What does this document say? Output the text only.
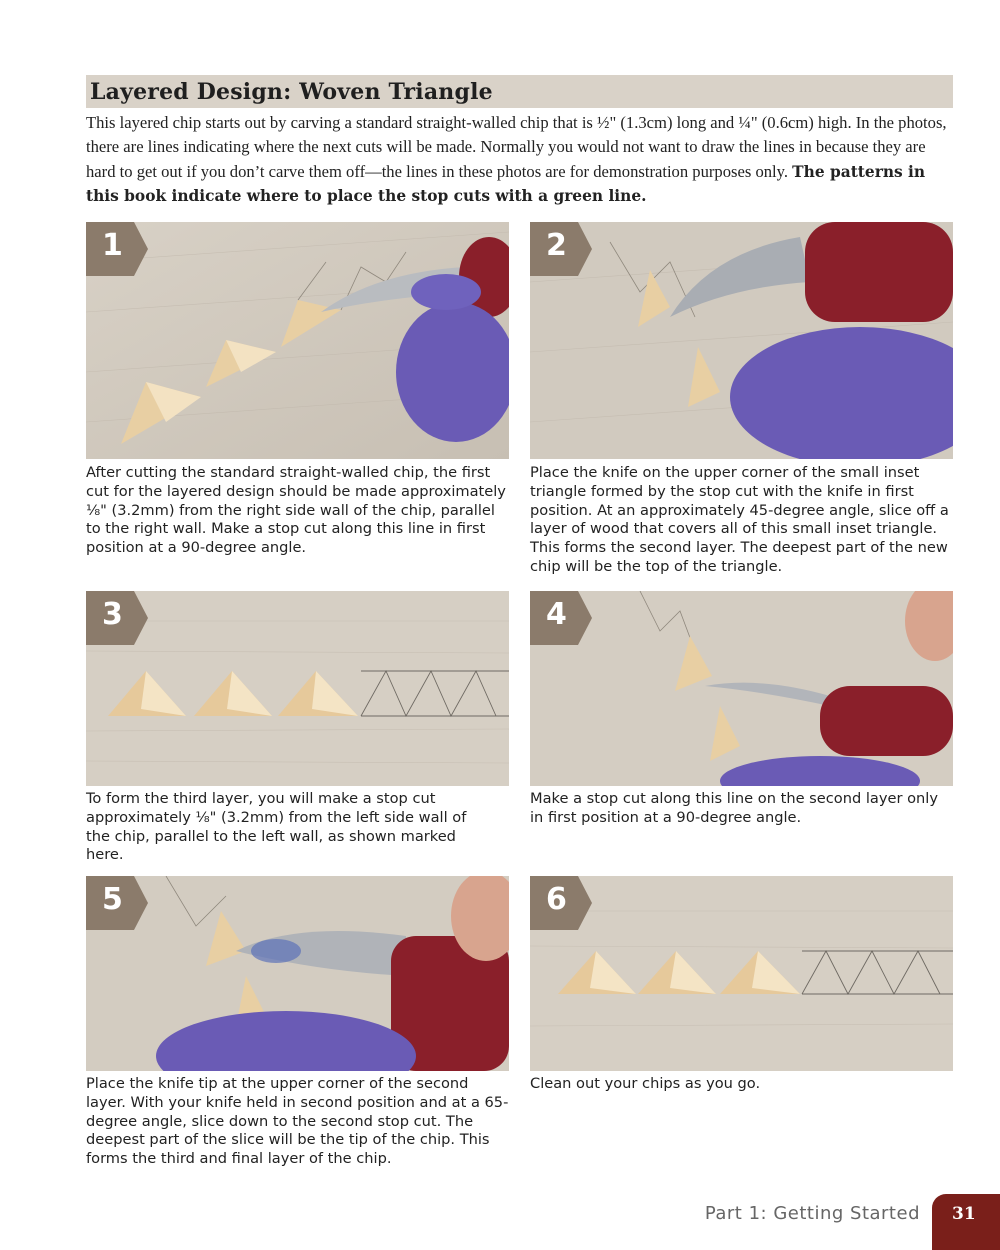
Layered Design: Woven Triangle
This layered chip starts out by carving a standard straight-walled chip that is ½" (1.3cm) long and ¼" (0.6cm) high. In the photos, there are lines indicating where the next cuts will be made. Normally you would not want to draw the lines in because they are hard to get out if you don’t carve them off—the lines in these photos are for demonstration purposes only. The patterns in this book indicate where to place the stop cuts with a green line.
1
After cutting the standard straight-walled chip, the first cut for the layered design should be made approximately ⅛" (3.2mm) from the right side wall of the chip, parallel to the right wall. Make a stop cut along this line in first position at a 90-degree angle.
2
Place the knife on the upper corner of the small inset triangle formed by the stop cut with the knife in first position. At an approximately 45-degree angle, slice off a layer of wood that covers all of this small inset triangle. This forms the second layer. The deepest part of the new chip will be the top of the triangle.
3
To form the third layer, you will make a stop cut approximately ⅛" (3.2mm) from the left side wall of the chip, parallel to the left wall, as shown marked here.
4
Make a stop cut along this line on the second layer only in first position at a 90-degree angle.
5
Place the knife tip at the upper corner of the second layer. With your knife held in second position and at a 65-degree angle, slice down to the second stop cut. The deepest part of the slice will be the tip of the chip. This forms the third and final layer of the chip.
6
Clean out your chips as you go.
Part 1: Getting Started 31
